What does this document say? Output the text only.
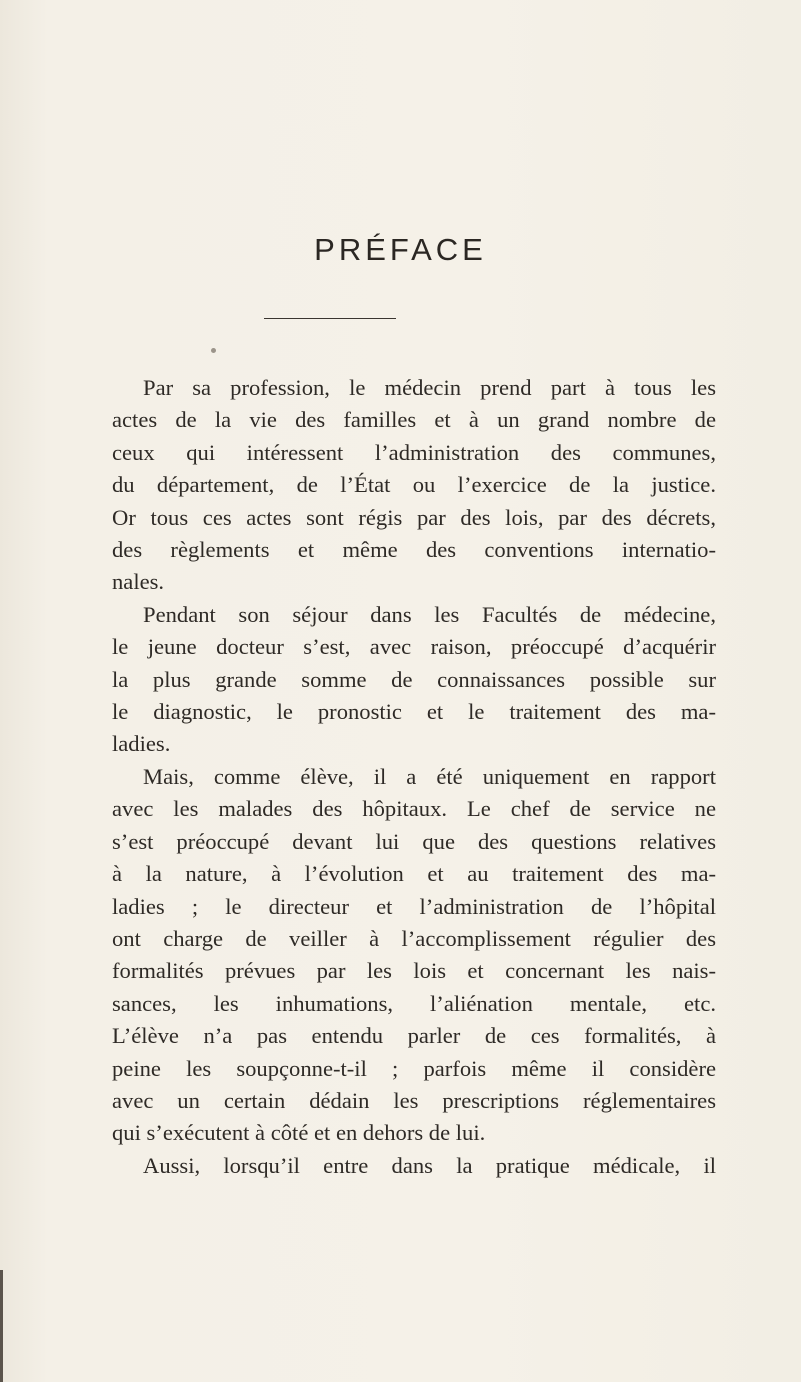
PRÉFACE
Par sa profession, le médecin prend part à tous les
actes de la vie des familles et à un grand nombre de
ceux qui intéressent l’administration des communes,
du département, de l’État ou l’exercice de la justice.
Or tous ces actes sont régis par des lois, par des décrets,
des règlements et même des conventions internatio-
nales.
Pendant son séjour dans les Facultés de médecine,
le jeune docteur s’est, avec raison, préoccupé d’acquérir
la plus grande somme de connaissances possible sur
le diagnostic, le pronostic et le traitement des ma-
ladies.
Mais, comme élève, il a été uniquement en rapport
avec les malades des hôpitaux. Le chef de service ne
s’est préoccupé devant lui que des questions relatives
à la nature, à l’évolution et au traitement des ma-
ladies ; le directeur et l’administration de l’hôpital
ont charge de veiller à l’accomplissement régulier des
formalités prévues par les lois et concernant les nais-
sances, les inhumations, l’aliénation mentale, etc.
L’élève n’a pas entendu parler de ces formalités, à
peine les soupçonne-t-il ; parfois même il considère
avec un certain dédain les prescriptions réglementaires
qui s’exécutent à côté et en dehors de lui.
Aussi, lorsqu’il entre dans la pratique médicale, il
